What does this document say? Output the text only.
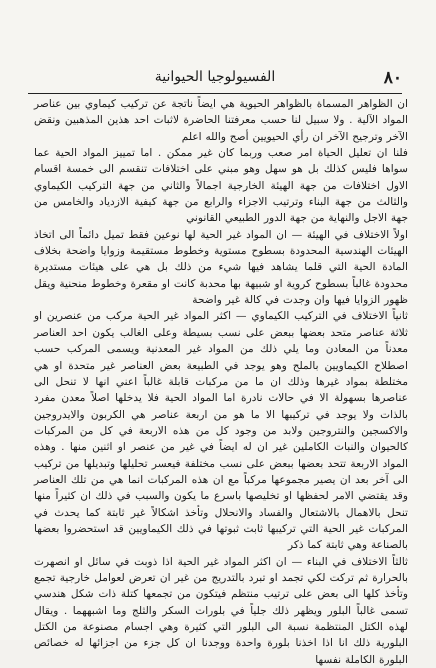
٨٠
الفسيولوجيا الحيوانية

ان الظواهر المسماة بالظواهر الحيوية هي ايضاً ناتجة عن تركيب كيماوي بين عناصر المواد الآلية . ولا سبيل لنا حسب معرفتنا الحاضرة لاثبات احد هذين المذهبين ونقض الآخر وترجيح الآخر ان رأي الحيويين أصح والله اعلم

فلنا ان تعليل الحياة امر صعب وربما كان غير ممكن . اما تمييز المواد الحية عما سواها فليس كذلك بل هو سهل وهو مبني على اختلافات تنقسم الى خمسة اقسام الاول اختلافات من جهة الهيئة الخارجية اجمالاً والثاني من جهة التركيب الكيماوي والثالث من جهة البناء وترتيب الاجزاء والرابع من جهة كيفية الازدياد والخامس من جهة الاجل والنهاية من جهة الدور الطبيعي القانوني

اولاً الاختلاف في الهيئة — ان المواد غير الحية لها نوعين فقط تميل دائماً الى اتخاذ الهيئات الهندسية المحدودة بسطوح مستوية وخطوط مستقيمة وزوايا واضحة بخلاف المادة الحية التي قلما يشاهد فيها شيء من ذلك بل هي على هيئات مستديرة محدودة غالباً بسطوح كروية او شبيهة بها محدبة كانت او مقعرة وخطوط منحنية ويقل ظهور الزوايا فيها وان وجدت في كالة غير واضحة

ثانياً الاختلاف في التركيب الكيماوي — اكثر المواد غير الحية مركب من عنصرين او ثلاثة عناصر متحد بعضها ببعض على نسب بسيطة وعلى الغالب يكون احد العناصر معدناً من المعادن وما يلي ذلك من المواد غير المعدنية ويسمى المركب حسب اصطلاح الكيماويين بالملح وهو يوجد في الطبيعة بعض العناصر غير متحدة او هي مختلطة بمواد غيرها وذلك ان ما من مركبات قابلة غالباً اعني انها لا تنحل الى عناصرها بسهولة الا في حالات نادرة اما المواد الحية فلا يدخلها اصلاً معدن مفرد بالذات ولا يوجد في تركيبها الا ما هو من اربعة عناصر هي الكربون والايدروجين والاكسجين والنتروجين ولابد من وجود كل من هذه الاربعة في كل من المركبات كالحيوان والنبات الكاملين غير ان له ايضاً في غير من عنصر او اثنين منها . وهذه المواد الاربعة تتحد بعضها ببعض على نسب مختلفة فيعسر تحليلها وتبديلها من تركيب الى آخر بعد ان يصير مجموعها مركباً مع ان هذه المركبات انما هي من تلك العناصر وقد يقتضي الامر لحفظها او تخليصها باسرع ما يكون والسبب في ذلك ان كثيراً منها تنحل بالاهمال بالاشتعال والفساد والانحلال وتأخذ اشكالاً غير ثابتة كما يحدث في المركبات غير الحية التي تركيبها ثابت ثبوتها في ذلك الكيماويين قد استحضروا بعضها بالصناعة وهي ثابتة كما ذكر

ثالثاً الاختلاف في البناء — ان اكثر المواد غير الحية اذا ذوبت في سائل او انصهرت بالحرارة ثم تركت لكي تجمد او تبرد بالتدريج من غير ان تعرض لعوامل خارجية تجمع وتأخذ كلها الى بعض على ترتيب منتظم فيتكون من تجمعها كتلة ذات شكل هندسي تسمى غالباً البلور ويظهر ذلك جلياً في بلورات السكر والثلج وما اشبههما . ويقال لهذه الكتل المنتظمة نسبة الى البلور التي كثيرة وهي اجسام مصنوعة من الكتل البلورية ذلك انا اذا اخذنا بلورة واحدة ووجدنا ان كل جزء من اجزائها له خصائص البلورة الكاملة نفسها
